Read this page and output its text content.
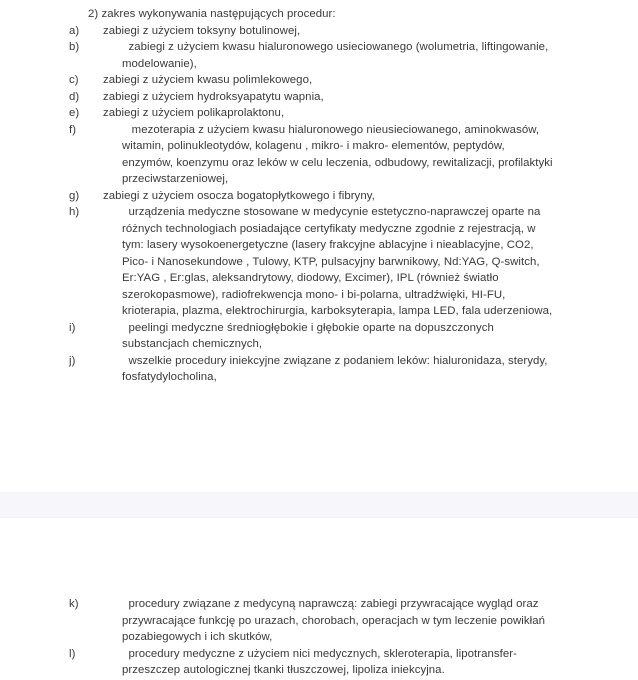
2) zakres wykonywania następujących procedur:

a) zabiegi z użyciem toksyny botulinowej,

b)	zabiegi z użyciem kwasu hialuronowego usieciowanego (wolumetria, liftingowanie, modelowanie),

c) zabiegi z użyciem kwasu polimlekowego,

d) zabiegi z użyciem hydroksyapatytu wapnia,

e) zabiegi z użyciem polikaprolaktonu,

f)	mezoterapia z użyciem kwasu hialuronowego nieusieciowanego, aminokwasów, witamin, polinukleotydów, kolagenu , mikro- i makro- elementów, peptydów, enzymów, koenzymu oraz leków w celu leczenia, odbudowy, rewitalizacji, profilaktyki przeciwstarzeniowej,

g) zabiegi z użyciem osocza bogatopłytkowego i fibryny,

h)	urządzenia medyczne stosowane w medycynie estetyczno-naprawczej oparte na różnych technologiach posiadające certyfikaty medyczne zgodnie z rejestracją, w tym: lasery wysokoenergetyczne (lasery frakcyjne ablacyjne i nieablacyjne, CO2, Pico- i Nanosekundowe , Tulowy, KTP, pulsacyjny barwnikowy, Nd:YAG, Q-switch, Er:YAG , Er:glas, aleksandrytowy, diodowy, Excimer), IPL (również światło szerokopasmowe), radiofrekwencja mono- i bi-polarna, ultradźwięki, HI-FU, krioterapia, plazma, elektrochirurgia, karboksyterapia, lampa LED, fala uderzeniowa,

i)	peelingi medyczne średniogłębokie i głębokie oparte na dopuszczonych substancjach chemicznych,

j)	wszelkie procedury iniekcyjne związane z podaniem leków: hialuronidaza, sterydy, fosfatydylocholina,

k)	procedury związane z medycyną naprawczą: zabiegi przywracające wygląd oraz przywracające funkcję po urazach, chorobach, operacjach w tym leczenie powikłań pozabiegowych i ich skutków,

l)	procedury medyczne z użyciem nici medycznych, skleroterapia, lipotransfer- przeszczep autologicznej tkanki tłuszczowej, lipoliza iniekcyjna.
